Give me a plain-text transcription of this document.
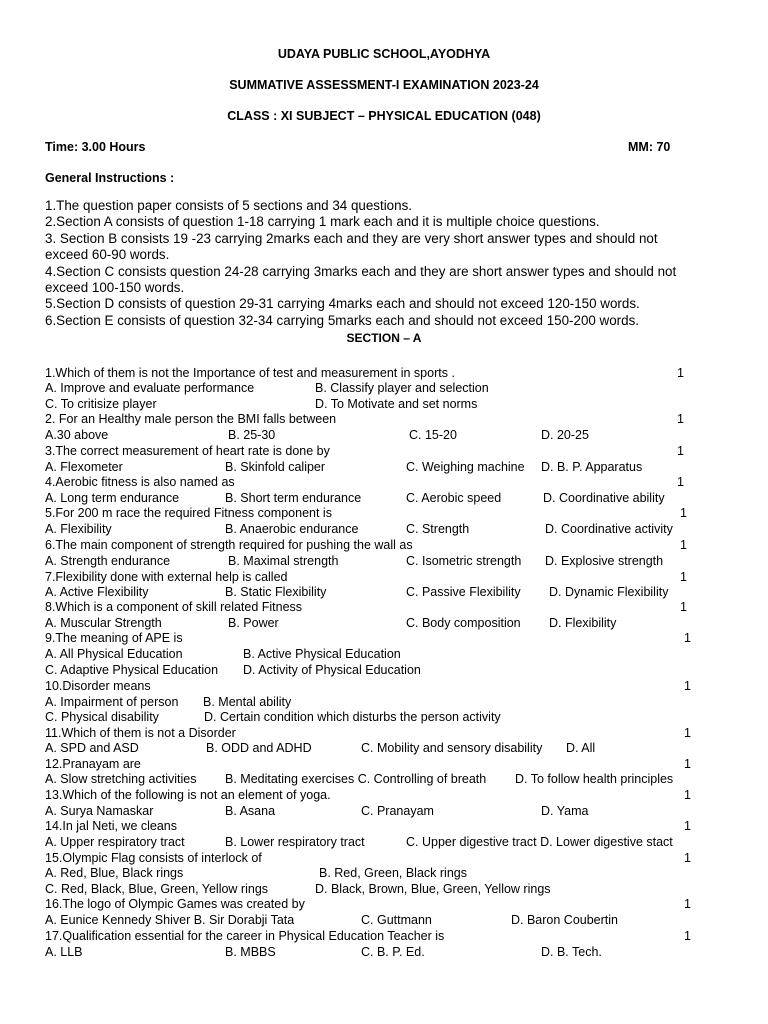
UDAYA PUBLIC SCHOOL,AYODHYA
SUMMATIVE ASSESSMENT-I EXAMINATION 2023-24
CLASS : XI SUBJECT – PHYSICAL EDUCATION (048)
Time: 3.00 Hours	MM: 70
General Instructions :
1.The question paper consists of 5 sections and 34 questions.
2.Section A consists of question 1-18 carrying 1 mark each and it is multiple choice questions.
3. Section B consists 19 -23 carrying 2marks each and they are very short answer types and should not
exceed 60-90 words.
4.Section C consists question 24-28 carrying 3marks each and they are short answer types and should not
exceed 100-150 words.
5.Section D consists of question 29-31 carrying 4marks each and should not exceed 120-150 words.
6.Section E consists of question 32-34 carrying 5marks each and should not exceed 150-200 words.
SECTION – A
1.Which of them is not the Importance of test and measurement in sports .	1
A. Improve and evaluate performance	B. Classify player and selection
C. To critisize player	D. To Motivate and set norms
2. For an Healthy male person the BMI falls between	1
A.30 above	B. 25-30	C. 15-20	D. 20-25
3.The correct measurement of heart rate is done by	1
A. Flexometer	B. Skinfold caliper	C. Weighing machine D. B. P. Apparatus
4.Aerobic fitness is also named as	1
A. Long term endurance	B. Short term endurance	C. Aerobic speed	D. Coordinative ability
5.For 200 m race the required Fitness component is	1
A. Flexibility	B. Anaerobic endurance	C. Strength	D. Coordinative activity
6.The main component of strength required for pushing the wall as	1
A. Strength endurance	B. Maximal strength	C. Isometric strength D. Explosive strength
7.Flexibility done with external help is called	1
A. Active Flexibility	B. Static Flexibility	C. Passive Flexibility D. Dynamic Flexibility
8.Which is a component of skill related Fitness	1
A. Muscular Strength	B. Power	C. Body composition D. Flexibility
9.The meaning of APE is	1
A. All Physical Education	B. Active Physical Education
C. Adaptive Physical Education D. Activity of Physical Education
10.Disorder means	1
A. Impairment of person B. Mental ability
C. Physical disability	D. Certain condition which disturbs the person activity
11.Which of them is not a Disorder	1
A. SPD and ASD	B. ODD and ADHD	C. Mobility and sensory disability D. All
12.Pranayam are	1
A. Slow stretching activities B. Meditating exercises C. Controlling of breath D. To follow health principles
13.Which of the following is not an element of yoga.	1
A. Surya Namaskar	B. Asana	C. Pranayam	D. Yama
14.In jal Neti, we cleans	1
A. Upper respiratory tract	B. Lower respiratory tract	C. Upper digestive tract D. Lower digestive stact
15.Olympic Flag consists of interlock of	1
A. Red, Blue, Black rings	B. Red, Green, Black rings
C. Red, Black, Blue, Green, Yellow rings	D. Black, Brown, Blue, Green, Yellow rings
16.The logo of Olympic Games was created by	1
A. Eunice Kennedy Shiver B. Sir Dorabji Tata	C. Guttmann	D. Baron Coubertin
17.Qualification essential for the career in Physical Education Teacher is	1
A. LLB	B. MBBS	C. B. P. Ed.	D. B. Tech.
